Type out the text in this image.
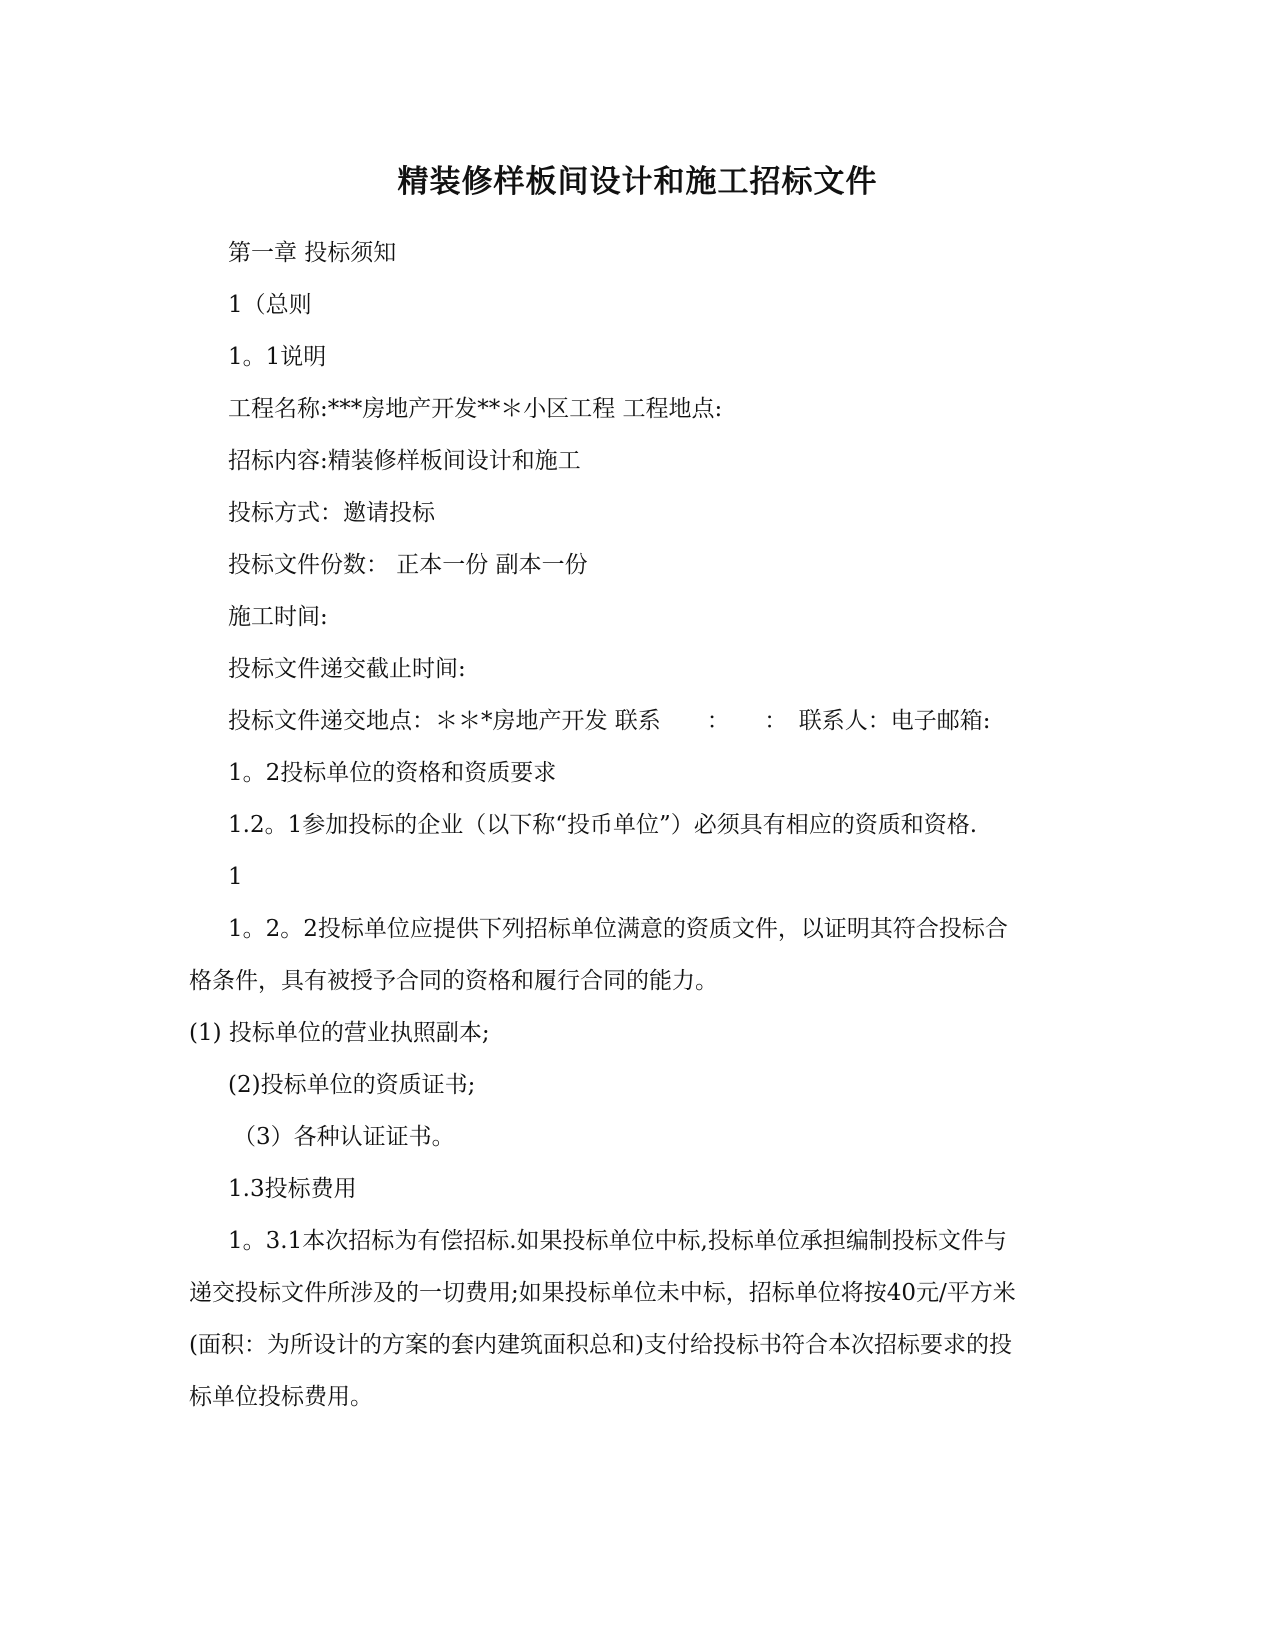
精装修样板间设计和施工招标文件

第一章 投标须知

1（总则

1。1说明

工程名称:***房地产开发**＊小区工程 工程地点:

招标内容:精装修样板间设计和施工

投标方式：邀请投标

投标文件份数： 正本一份 副本一份

施工时间:

投标文件递交截止时间:

投标文件递交地点：＊＊*房地产开发 联系　　：　　：　联系人：电子邮箱:

1。2投标单位的资格和资质要求

1.2。1参加投标的企业（以下称“投币单位”）必须具有相应的资质和资格.

1

1。2。2投标单位应提供下列招标单位满意的资质文件，以证明其符合投标合

格条件，具有被授予合同的资格和履行合同的能力。

(1) 投标单位的营业执照副本;

(2)投标单位的资质证书;

（3）各种认证证书。

1.3投标费用

1。3.1本次招标为有偿招标.如果投标单位中标,投标单位承担编制投标文件与

递交投标文件所涉及的一切费用;如果投标单位未中标，招标单位将按40元/平方米

(面积：为所设计的方案的套内建筑面积总和)支付给投标书符合本次招标要求的投

标单位投标费用。
